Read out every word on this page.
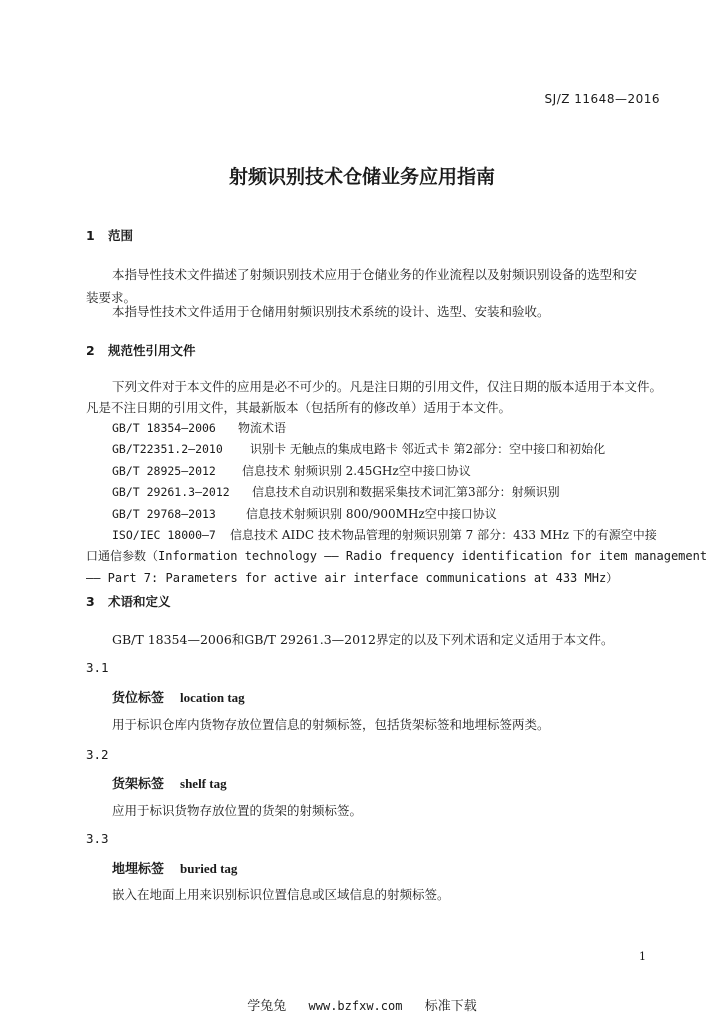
SJ/Z 11648—2016
射频识别技术仓储业务应用指南
1 范围
本指导性技术文件描述了射频识别技术应用于仓储业务的作业流程以及射频识别设备的选型和安
装要求。
本指导性技术文件适用于仓储用射频识别技术系统的设计、选型、安装和验收。
2 规范性引用文件
下列文件对于本文件的应用是必不可少的。凡是注日期的引用文件，仅注日期的版本适用于本文件。
凡是不注日期的引用文件，其最新版本（包括所有的修改单）适用于本文件。
GB/T 18354—2006 物流术语
GB/T22351.2—2010 识别卡 无触点的集成电路卡 邻近式卡 第2部分：空中接口和初始化
GB/T 28925—2012 信息技术 射频识别 2.45GHz空中接口协议
GB/T 29261.3—2012 信息技术自动识别和数据采集技术词汇第3部分：射频识别
GB/T 29768—2013	信息技术射频识别 800/900MHz空中接口协议
ISO/IEC 18000—7 信息技术 AIDC 技术物品管理的射频识别第 7 部分：433 MHz 下的有源空中接
口通信参数（Information technology —— Radio frequency identification for item management
—— Part 7: Parameters for active air interface communications at 433 MHz）
3 术语和定义
GB/T 18354—2006和GB/T 29261.3—2012界定的以及下列术语和定义适用于本文件。
3.1
货位标签 location tag
用于标识仓库内货物存放位置信息的射频标签，包括货架标签和地埋标签两类。
3.2
货架标签 shelf tag
应用于标识货物存放位置的货架的射频标签。
3.3
地埋标签 buried tag
嵌入在地面上用来识别标识位置信息或区域信息的射频标签。
1
学兔兔 www.bzfxw.com 标准下载
